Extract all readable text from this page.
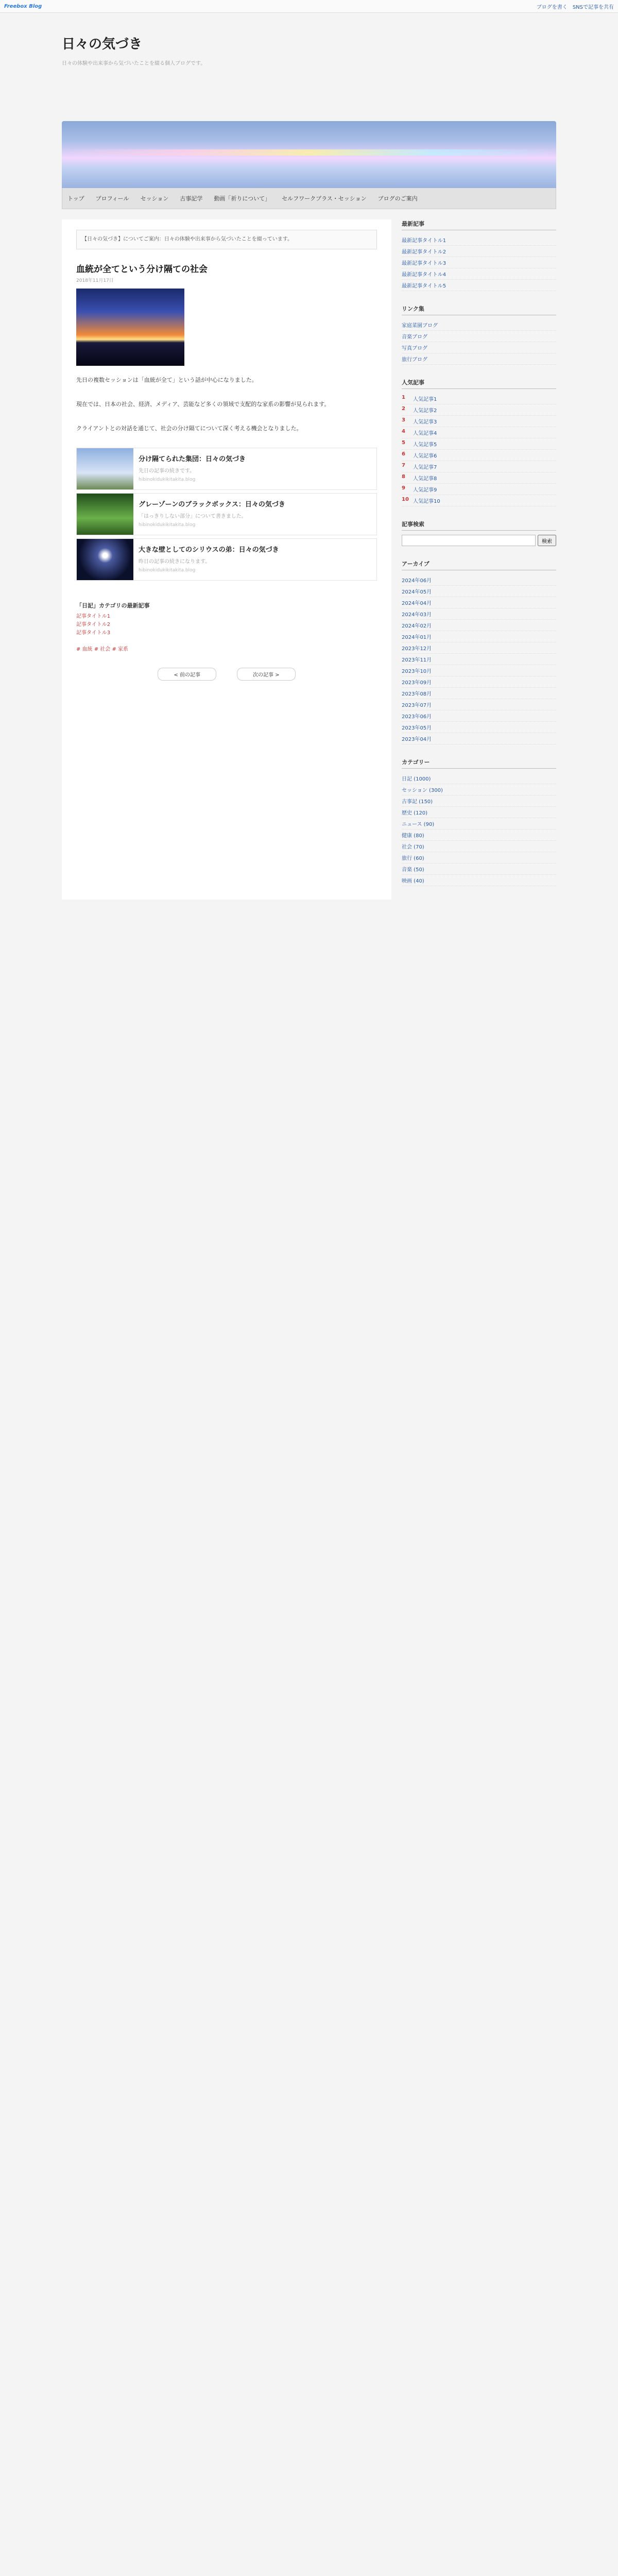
Freebox Blog	ブログを書く SNSで記事を共有
日々の気づき
日々の体験や出来事から気づいたことを綴る個人ブログです。
トップ プロフィール セッション 古事記学 動画「祈りについて」 セルフワークプラス・セッション ブログのご案内
【日々の気づき】についてご案内：日々の体験や出来事から気づいたことを綴っています。
血統が全てという分け隔ての社会
2018年11月17日

先日の複数セッションは「血統が全て」という話が中心になりました。

現在では、日本の社会、経済、メディア、芸能など多くの領域で支配的な家系の影響が見られます。

クライアントとの対話を通じて、社会の分け隔てについて深く考える機会となりました。

分け隔てられた集団：日々の気づき
先日の記事の続きです。
hibinokidukikitakita.blog
グレーゾーンのブラックボックス：日々の気づき
「はっきりしない部分」について書きました。
hibinokidukikitakita.blog
大きな壁としてのシリウスの弟：日々の気づき
昨日の記事の続きになります。
hibinokidukikitakita.blog
「日記」カテゴリの最新記事
記事タイトル1
記事タイトル2
記事タイトル3
# 血統 # 社会 # 家系
< 前の記事	次の記事 >
最新記事
最新記事タイトル1
最新記事タイトル2
最新記事タイトル3
最新記事タイトル4
最新記事タイトル5
リンク集
家庭菜園ブログ
音楽ブログ
写真ブログ
旅行ブログ
人気記事
1	人気記事1
2	人気記事2
3	人気記事3
4	人気記事4
5	人気記事5
6	人気記事6
7	人気記事7
8	人気記事8
9	人気記事9
10 人気記事10
記事検索
検索
アーカイブ
2024年06月
2024年05月
2024年04月
2024年03月
2024年02月
2024年01月
2023年12月
2023年11月
2023年10月
2023年09月
2023年08月
2023年07月
2023年06月
2023年05月
2023年04月
カテゴリー
日記 (1000)
セッション (300)
古事記 (150)
歴史 (120)
ニュース (90)
健康 (80)
社会 (70)
旅行 (60)
音楽 (50)
映画 (40)
